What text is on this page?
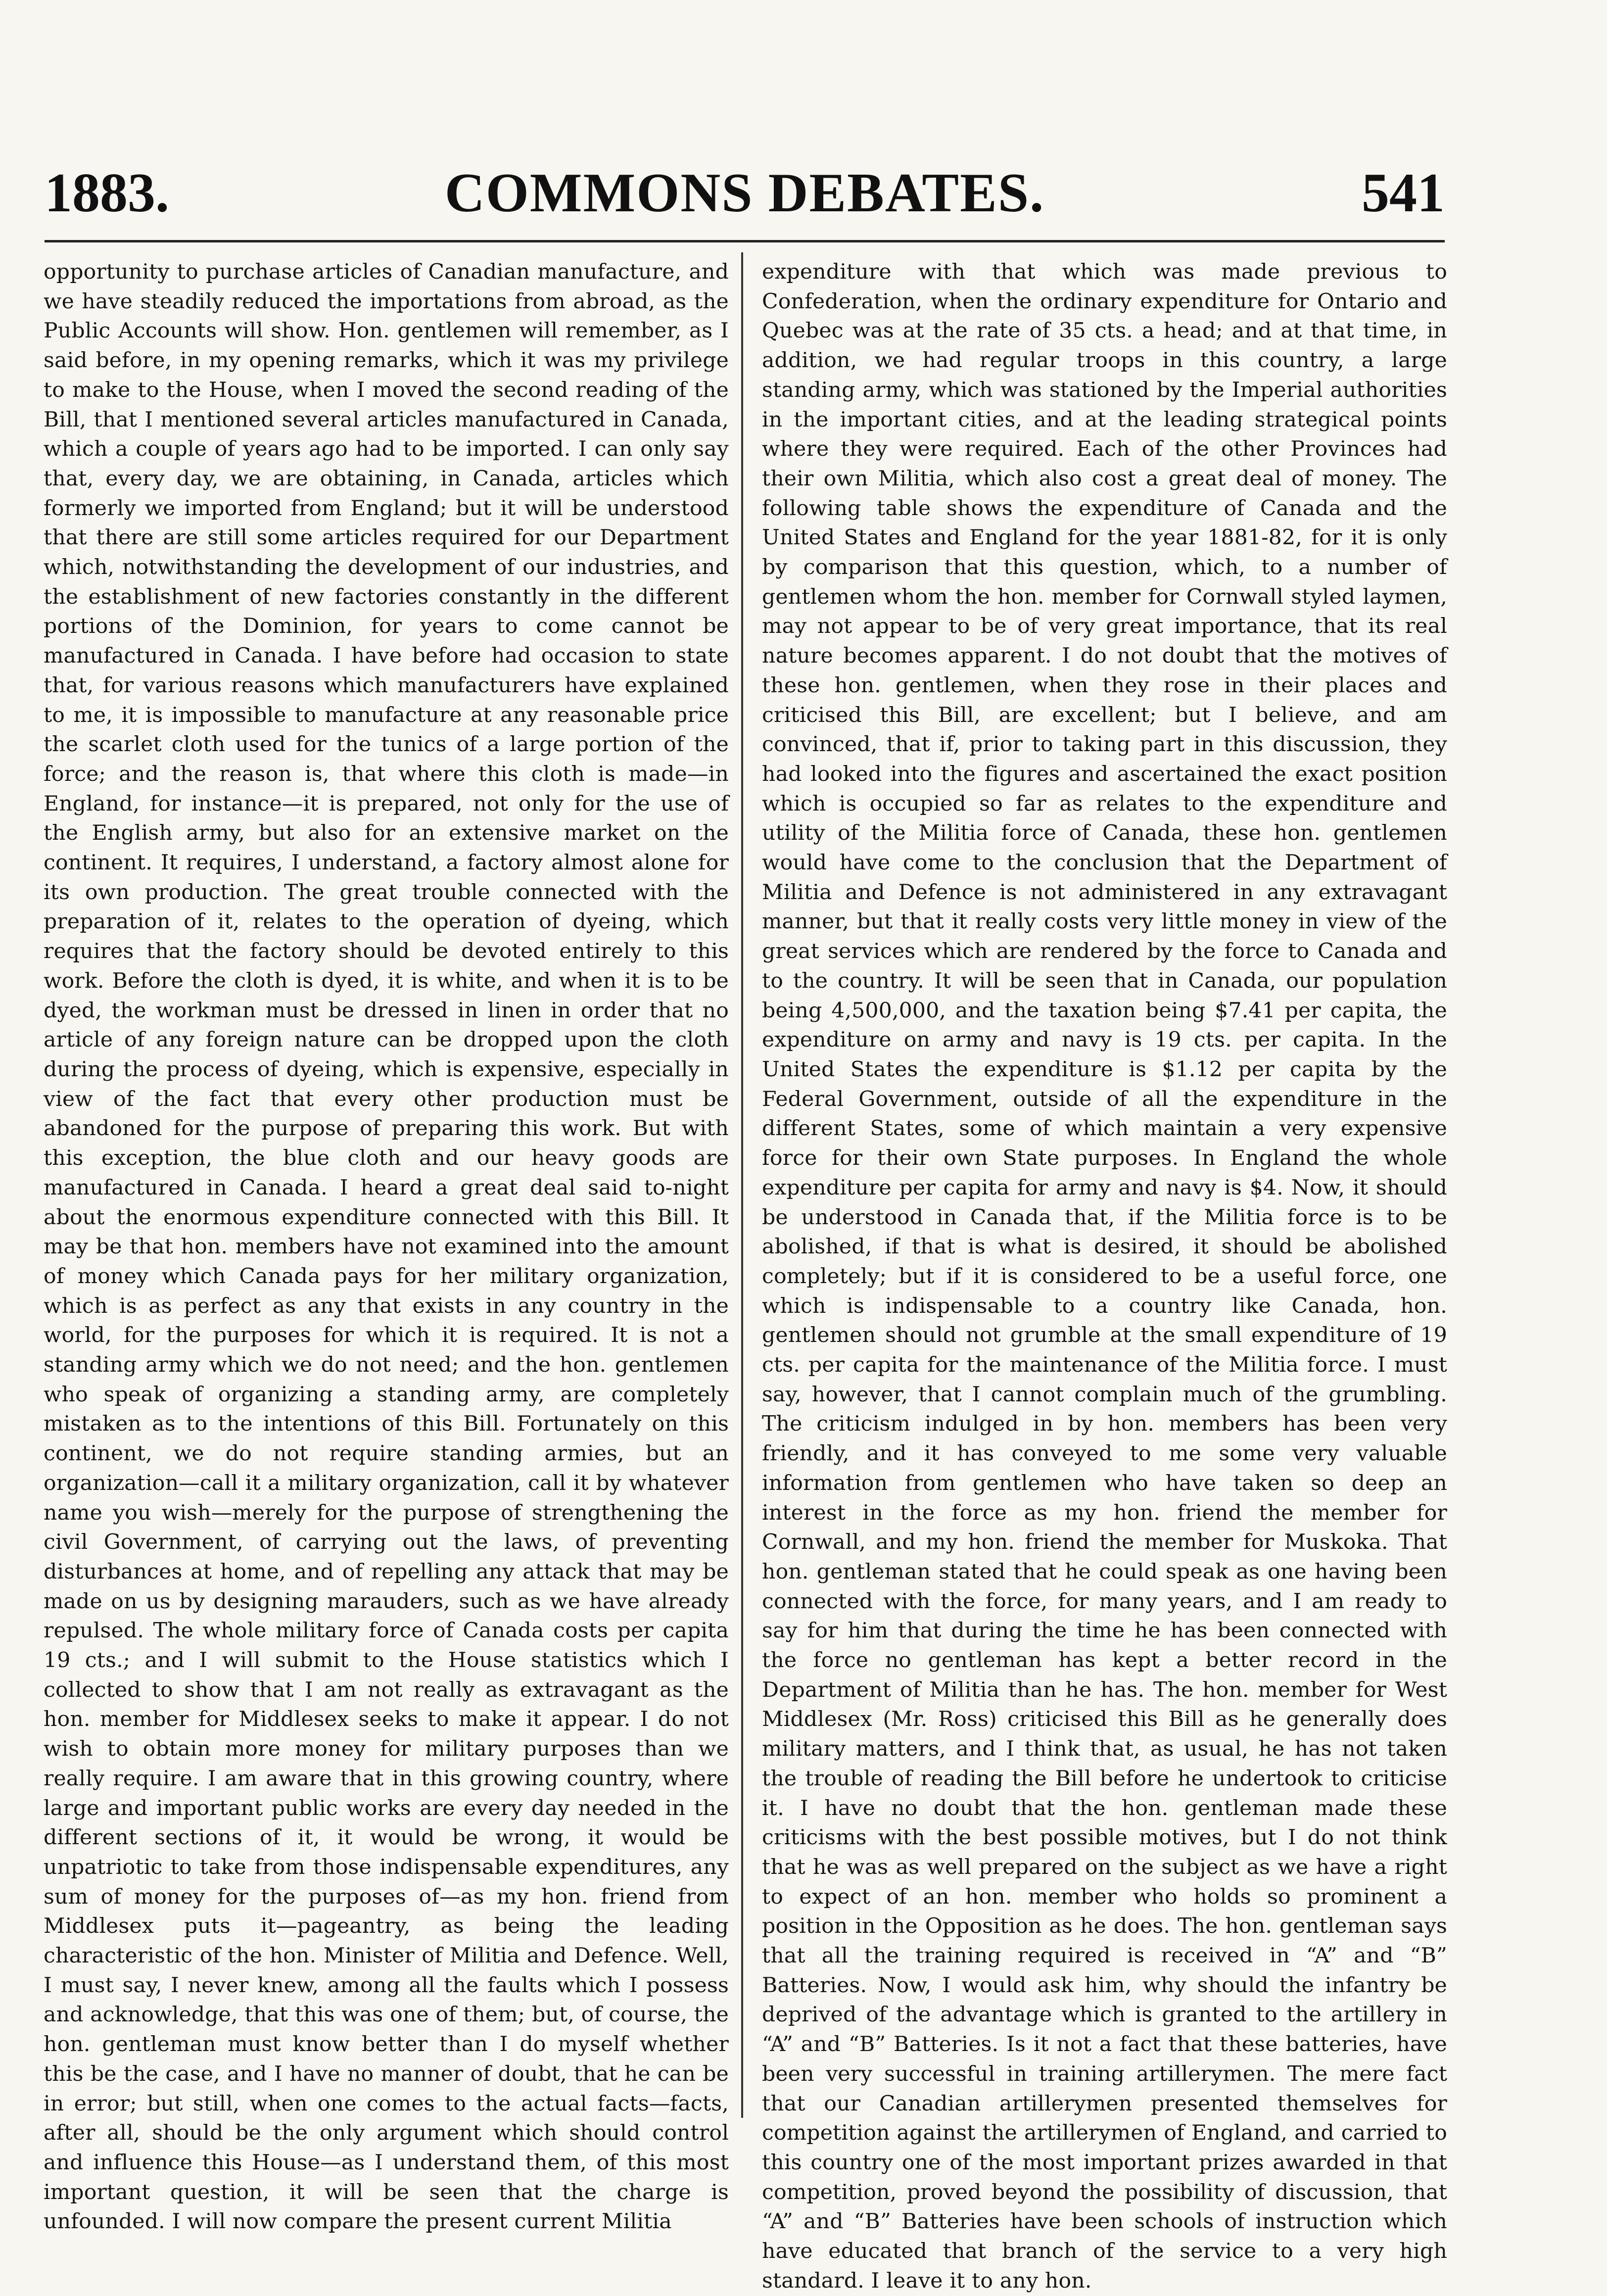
1883.	COMMONS DEBATES.	541

opportunity to purchase articles of Canadian manufacture, and we have steadily reduced the importations from abroad, as the Public Accounts will show. Hon. gentlemen will remember, as I said before, in my opening remarks, which it was my privilege to make to the House, when I moved the second reading of the Bill, that I mentioned several articles manufactured in Canada, which a couple of years ago had to be imported. I can only say that, every day, we are obtaining, in Canada, articles which formerly we imported from England; but it will be understood that there are still some articles required for our Department which, notwithstanding the development of our industries, and the establishment of new factories constantly in the different portions of the Dominion, for years to come cannot be manufactured in Canada. I have before had occasion to state that, for various reasons which manufacturers have explained to me, it is impossible to manufacture at any reasonable price the scarlet cloth used for the tunics of a large portion of the force; and the reason is, that where this cloth is made—in England, for instance—it is prepared, not only for the use of the English army, but also for an extensive market on the continent. It requires, I understand, a factory almost alone for its own production. The great trouble connected with the preparation of it, relates to the operation of dyeing, which requires that the factory should be devoted entirely to this work. Before the cloth is dyed, it is white, and when it is to be dyed, the workman must be dressed in linen in order that no article of any foreign nature can be dropped upon the cloth during the process of dyeing, which is expensive, especially in view of the fact that every other production must be abandoned for the purpose of preparing this work. But with this exception, the blue cloth and our heavy goods are manufactured in Canada. I heard a great deal said to-night about the enormous expenditure connected with this Bill. It may be that hon. members have not examined into the amount of money which Canada pays for her military organization, which is as perfect as any that exists in any country in the world, for the purposes for which it is required. It is not a standing army which we do not need; and the hon. gentlemen who speak of organizing a standing army, are completely mistaken as to the intentions of this Bill. Fortunately on this continent, we do not require standing armies, but an organization—call it a military organization, call it by whatever name you wish—merely for the purpose of strengthening the civil Government, of carrying out the laws, of preventing disturbances at home, and of repelling any attack that may be made on us by designing marauders, such as we have already repulsed. The whole military force of Canada costs per capita 19 cts.; and I will submit to the House statistics which I collected to show that I am not really as extravagant as the hon. member for Middlesex seeks to make it appear. I do not wish to obtain more money for military purposes than we really require. I am aware that in this growing country, where large and important public works are every day needed in the different sections of it, it would be wrong, it would be unpatriotic to take from those indispensable expenditures, any sum of money for the purposes of—as my hon. friend from Middlesex puts it—pageantry, as being the leading characteristic of the hon. Minister of Militia and Defence. Well, I must say, I never knew, among all the faults which I possess and acknowledge, that this was one of them; but, of course, the hon. gentleman must know better than I do myself whether this be the case, and I have no manner of doubt, that he can be in error; but still, when one comes to the actual facts—facts, after all, should be the only argument which should control and influence this House—as I understand them, of this most important question, it will be seen that the charge is unfounded. I will now compare the present current Militia

expenditure with that which was made previous to Confederation, when the ordinary expenditure for Ontario and Quebec was at the rate of 35 cts. a head; and at that time, in addition, we had regular troops in this country, a large standing army, which was stationed by the Imperial authorities in the important cities, and at the leading strategical points where they were required. Each of the other Provinces had their own Militia, which also cost a great deal of money. The following table shows the expenditure of Canada and the United States and England for the year 1881-82, for it is only by comparison that this question, which, to a number of gentlemen whom the hon. member for Cornwall styled laymen, may not appear to be of very great importance, that its real nature becomes apparent. I do not doubt that the motives of these hon. gentlemen, when they rose in their places and criticised this Bill, are excellent; but I believe, and am convinced, that if, prior to taking part in this discussion, they had looked into the figures and ascertained the exact position which is occupied so far as relates to the expenditure and utility of the Militia force of Canada, these hon. gentlemen would have come to the conclusion that the Department of Militia and Defence is not administered in any extravagant manner, but that it really costs very little money in view of the great services which are rendered by the force to Canada and to the country. It will be seen that in Canada, our population being 4,500,000, and the taxation being $7.41 per capita, the expenditure on army and navy is 19 cts. per capita. In the United States the expenditure is $1.12 per capita by the Federal Government, outside of all the expenditure in the different States, some of which maintain a very expensive force for their own State purposes. In England the whole expenditure per capita for army and navy is $4. Now, it should be understood in Canada that, if the Militia force is to be abolished, if that is what is desired, it should be abolished completely; but if it is considered to be a useful force, one which is indispensable to a country like Canada, hon. gentlemen should not grumble at the small expenditure of 19 cts. per capita for the maintenance of the Militia force. I must say, however, that I cannot complain much of the grumbling. The criticism indulged in by hon. members has been very friendly, and it has conveyed to me some very valuable information from gentlemen who have taken so deep an interest in the force as my hon. friend the member for Cornwall, and my hon. friend the member for Muskoka. That hon. gentleman stated that he could speak as one having been connected with the force, for many years, and I am ready to say for him that during the time he has been connected with the force no gentleman has kept a better record in the Department of Militia than he has. The hon. member for West Middlesex (Mr. Ross) criticised this Bill as he generally does military matters, and I think that, as usual, he has not taken the trouble of reading the Bill before he undertook to criticise it. I have no doubt that the hon. gentleman made these criticisms with the best possible motives, but I do not think that he was as well prepared on the subject as we have a right to expect of an hon. member who holds so prominent a position in the Opposition as he does. The hon. gentleman says that all the training required is received in “A” and “B” Batteries. Now, I would ask him, why should the infantry be deprived of the advantage which is granted to the artillery in “A” and “B” Batteries. Is it not a fact that these batteries, have been very successful in training artillerymen. The mere fact that our Canadian artillerymen presented themselves for competition against the artillerymen of England, and carried to this country one of the most important prizes awarded in that competition, proved beyond the possibility of discussion, that “A” and “B” Batteries have been schools of instruction which have educated that branch of the service to a very high standard. I leave it to any hon.
